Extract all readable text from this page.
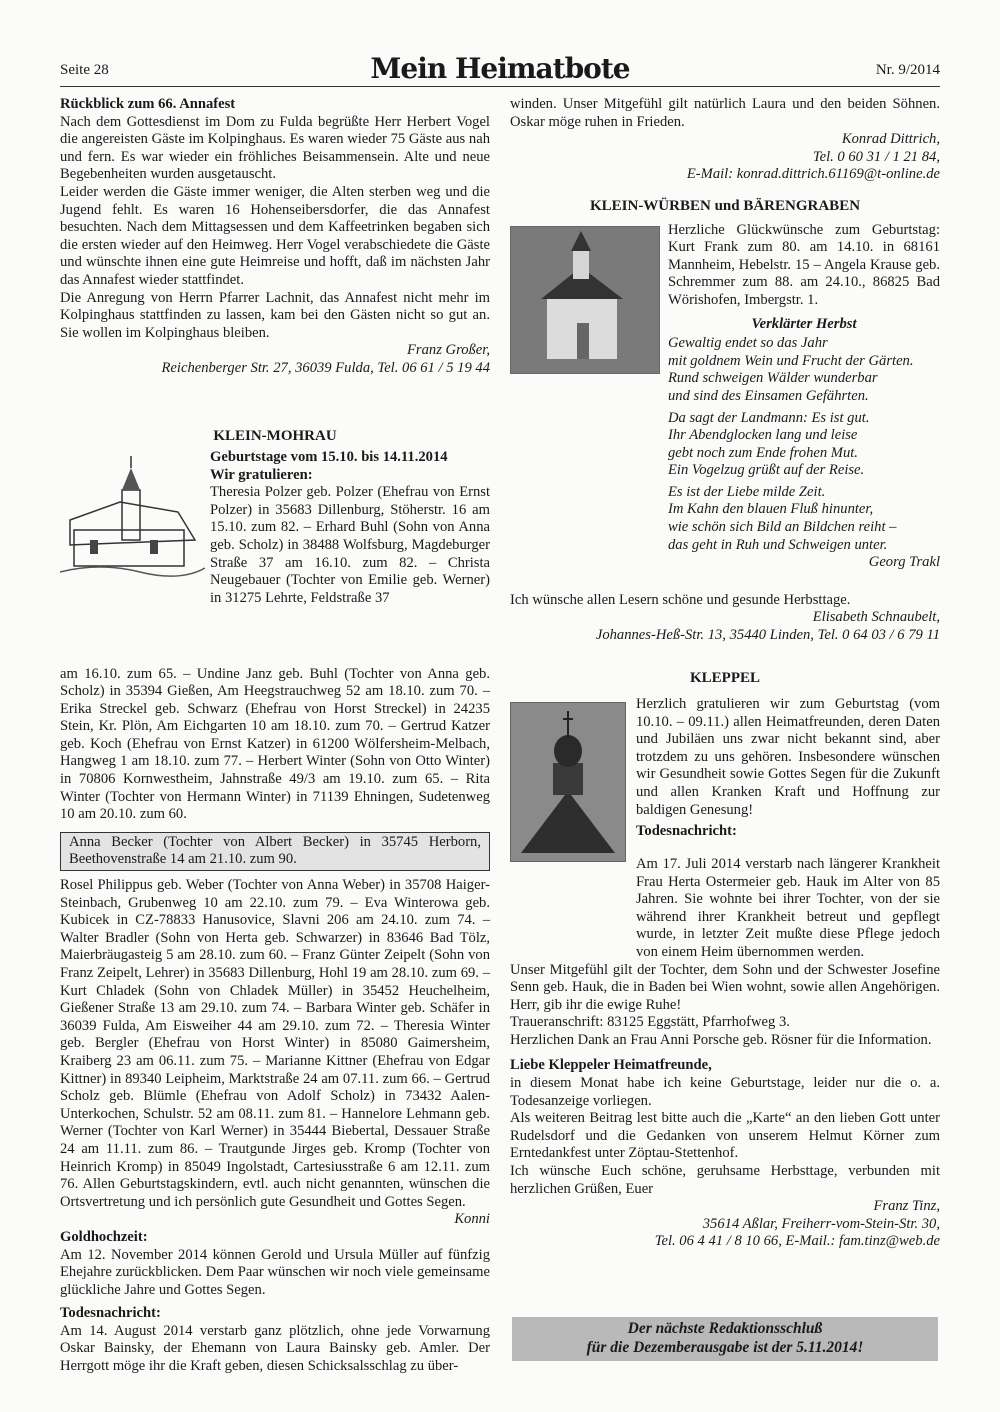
Seite 28	Mein Heimatbote	Nr. 9/2014

Rückblick zum 66. Annafest

Nach dem Gottesdienst im Dom zu Fulda begrüßte Herr Herbert Vogel die angereisten Gäste im Kolpinghaus. Es waren wieder 75 Gäste aus nah und fern. Es war wieder ein fröhliches Beisammensein. Alte und neue Begebenheiten wurden ausgetauscht.

Leider werden die Gäste immer weniger, die Alten sterben weg und die Jugend fehlt. Es waren 16 Hohenseibersdorfer, die das Annafest besuchten. Nach dem Mittagsessen und dem Kaffeetrinken begaben sich die ersten wieder auf den Heimweg. Herr Vogel verabschiedete die Gäste und wünschte ihnen eine gute Heimreise und hofft, daß im nächsten Jahr das Annafest wieder stattfindet.

Die Anregung von Herrn Pfarrer Lachnit, das Annafest nicht mehr im Kolpinghaus stattfinden zu lassen, kam bei den Gästen nicht so gut an. Sie wollen im Kolpinghaus bleiben.

Franz Großer,

Reichenberger Str. 27, 36039 Fulda, Tel. 06 61 / 5 19 44

KLEIN-MOHRAU

Geburtstage vom 15.10. bis 14.11.2014

Wir gratulieren:

Theresia Polzer geb. Polzer (Ehefrau von Ernst Polzer) in 35683 Dillenburg, Stöherstr. 16 am 15.10. zum 82. – Erhard Buhl (Sohn von Anna geb. Scholz) in 38488 Wolfsburg, Magdeburger Straße 37 am 16.10. zum 82. – Christa Neugebauer (Tochter von Emilie geb. Werner) in 31275 Lehrte, Feldstraße 37

am 16.10. zum 65. – Undine Janz geb. Buhl (Tochter von Anna geb. Scholz) in 35394 Gießen, Am Heegstrauchweg 52 am 18.10. zum 70. – Erika Streckel geb. Schwarz (Ehefrau von Horst Streckel) in 24235 Stein, Kr. Plön, Am Eichgarten 10 am 18.10. zum 70. – Gertrud Katzer geb. Koch (Ehefrau von Ernst Katzer) in 61200 Wölfersheim-Melbach, Hangweg 1 am 18.10. zum 77. – Herbert Winter (Sohn von Otto Winter) in 70806 Kornwestheim, Jahnstraße 49/3 am 19.10. zum 65. – Rita Winter (Tochter von Hermann Winter) in 71139 Ehningen, Sudetenweg 10 am 20.10. zum 60.

Anna Becker (Tochter von Albert Becker) in 35745 Herborn, Beethovenstraße 14 am 21.10. zum 90.

Rosel Philippus geb. Weber (Tochter von Anna Weber) in 35708 Haiger-Steinbach, Grubenweg 10 am 22.10. zum 79. – Eva Winterowa geb. Kubicek in CZ-78833 Hanusovice, Slavni 206 am 24.10. zum 74. – Walter Bradler (Sohn von Herta geb. Schwarzer) in 83646 Bad Tölz, Maierbräugasteig 5 am 28.10. zum 60. – Franz Günter Zeipelt (Sohn von Franz Zeipelt, Lehrer) in 35683 Dillenburg, Hohl 19 am 28.10. zum 69. – Kurt Chladek (Sohn von Chladek Müller) in 35452 Heuchelheim, Gießener Straße 13 am 29.10. zum 74. – Barbara Winter geb. Schäfer in 36039 Fulda, Am Eisweiher 44 am 29.10. zum 72. – Theresia Winter geb. Bergler (Ehefrau von Horst Winter) in 85080 Gaimersheim, Kraiberg 23 am 06.11. zum 75. – Marianne Kittner (Ehefrau von Edgar Kittner) in 89340 Leipheim, Marktstraße 24 am 07.11. zum 66. – Gertrud Scholz geb. Blümle (Ehefrau von Adolf Scholz) in 73432 Aalen-Unterkochen, Schulstr. 52 am 08.11. zum 81. – Hannelore Lehmann geb. Werner (Tochter von Karl Werner) in 35444 Biebertal, Dessauer Straße 24 am 11.11. zum 86. – Trautgunde Jirges geb. Kromp (Tochter von Heinrich Kromp) in 85049 Ingolstadt, Cartesiusstraße 6 am 12.11. zum 76. Allen Geburtstagskindern, evtl. auch nicht genannten, wünschen die Ortsvertretung und ich persönlich gute Gesundheit und Gottes Segen.

Konni

Goldhochzeit:

Am 12. November 2014 können Gerold und Ursula Müller auf fünfzig Ehejahre zurückblicken. Dem Paar wünschen wir noch viele gemeinsame glückliche Jahre und Gottes Segen.

Todesnachricht:

Am 14. August 2014 verstarb ganz plötzlich, ohne jede Vorwarnung Oskar Bainsky, der Ehemann von Laura Bainsky geb. Amler. Der Herrgott möge ihr die Kraft geben, diesen Schicksalsschlag zu über-

winden. Unser Mitgefühl gilt natürlich Laura und den beiden Söhnen. Oskar möge ruhen in Frieden.

Konrad Dittrich,

Tel. 0 60 31 / 1 21 84,

E-Mail: konrad.dittrich.61169@t-online.de

KLEIN-WÜRBEN und BÄRENGRABEN

Herzliche Glückwünsche zum Geburtstag: Kurt Frank zum 80. am 14.10. in 68161 Mannheim, Hebelstr. 15 – Angela Krause geb. Schremmer zum 88. am 24.10., 86825 Bad Wörishofen, Imbergstr. 1.

Verklärter Herbst

Gewaltig endet so das Jahr
mit goldnem Wein und Frucht der Gärten.
Rund schweigen Wälder wunderbar
und sind des Einsamen Gefährten.
Da sagt der Landmann: Es ist gut.
Ihr Abendglocken lang und leise
gebt noch zum Ende frohen Mut.
Ein Vogelzug grüßt auf der Reise.
Es ist der Liebe milde Zeit.
Im Kahn den blauen Fluß hinunter,
wie schön sich Bild an Bildchen reiht –
das geht in Ruh und Schweigen unter.
Georg Trakl

Ich wünsche allen Lesern schöne und gesunde Herbsttage.

Elisabeth Schnaubelt,

Johannes-Heß-Str. 13, 35440 Linden, Tel. 0 64 03 / 6 79 11

KLEPPEL

Herzlich gratulieren wir zum Geburtstag (vom 10.10. – 09.11.) allen Heimatfreunden, deren Daten und Jubiläen uns zwar nicht bekannt sind, aber trotzdem zu uns gehören. Insbesondere wünschen wir Gesundheit sowie Gottes Segen für die Zukunft und allen Kranken Kraft und Hoffnung zur baldigen Genesung!

Todesnachricht:

Am 17. Juli 2014 verstarb nach längerer Krankheit Frau Herta Ostermeier geb. Hauk im Alter von 85 Jahren. Sie wohnte bei ihrer Tochter, von der sie während ihrer Krankheit betreut und gepflegt wurde, in letzter Zeit mußte diese Pflege jedoch von einem Heim übernommen werden.

Unser Mitgefühl gilt der Tochter, dem Sohn und der Schwester Josefine Senn geb. Hauk, die in Baden bei Wien wohnt, sowie allen Angehörigen. Herr, gib ihr die ewige Ruhe!

Traueranschrift: 83125 Eggstätt, Pfarrhofweg 3.

Herzlichen Dank an Frau Anni Porsche geb. Rösner für die Information.

Liebe Kleppeler Heimatfreunde,

in diesem Monat habe ich keine Geburtstage, leider nur die o. a. Todesanzeige vorliegen.

Als weiteren Beitrag lest bitte auch die „Karte“ an den lieben Gott unter Rudelsdorf und die Gedanken von unserem Helmut Körner zum Erntedankfest unter Zöptau-Stettenhof.

Ich wünsche Euch schöne, geruhsame Herbsttage, verbunden mit herzlichen Grüßen, Euer

Franz Tinz,

35614 Aßlar, Freiherr-vom-Stein-Str. 30,

Tel. 06 4 41 / 8 10 66, E-Mail.: fam.tinz@web.de

Der nächste Redaktionsschluß
für die Dezemberausgabe ist der 5.11.2014!
